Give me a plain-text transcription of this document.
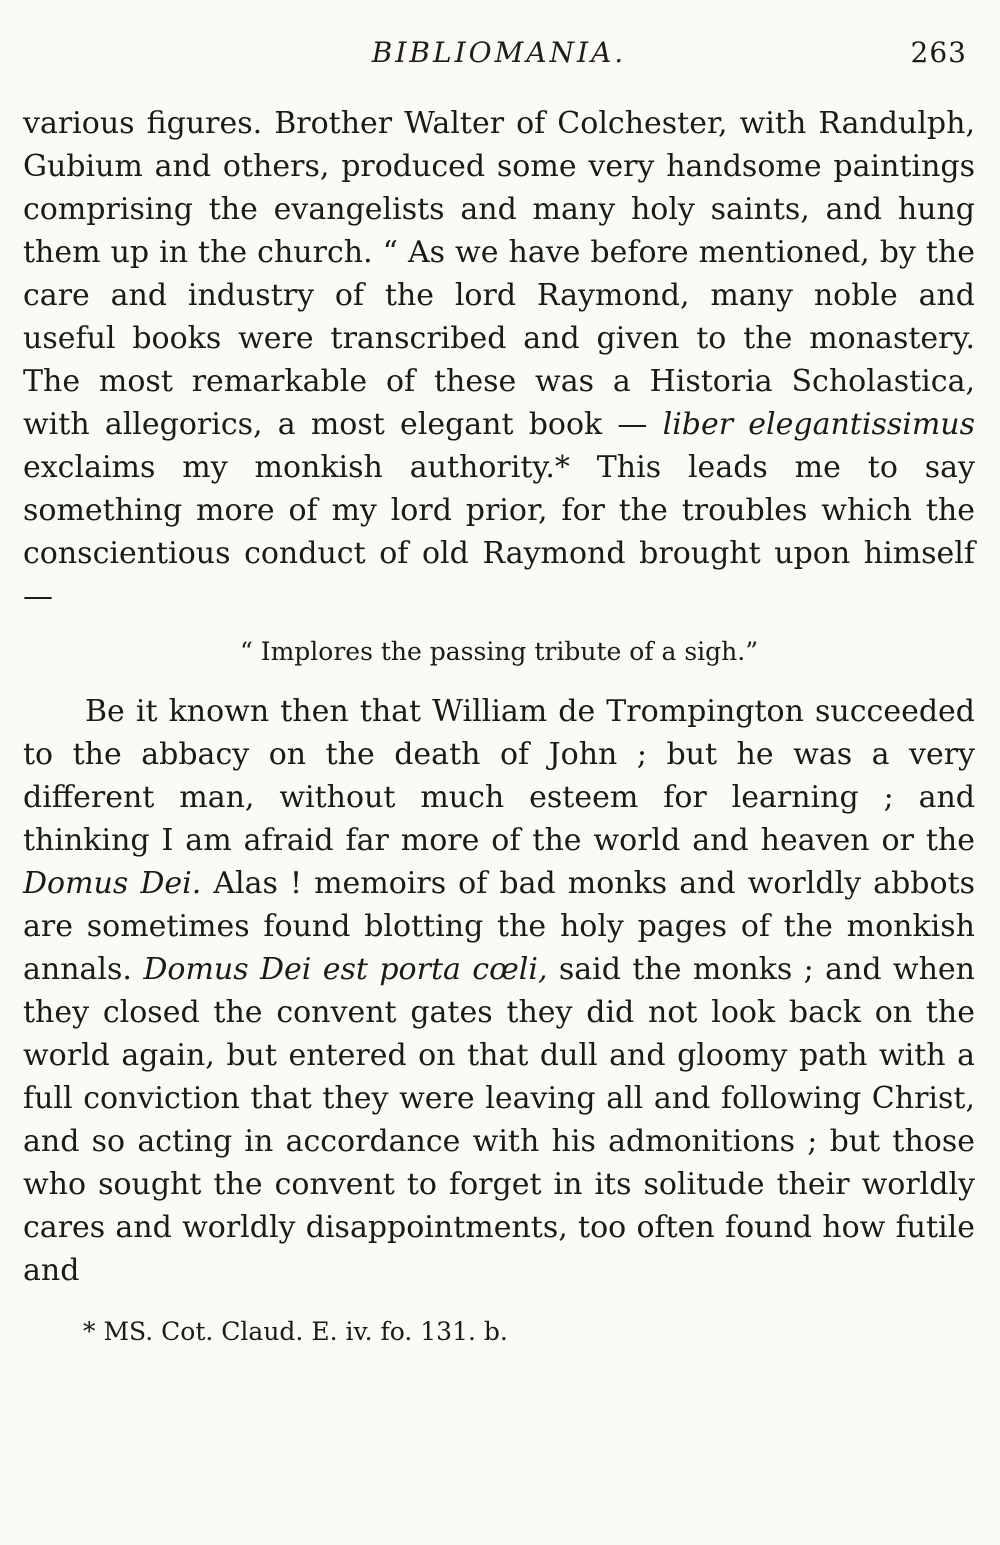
BIBLIOMANIA.	263

various figures. Brother Walter of Colchester, with Randulph, Gubium and others, produced some very handsome paintings comprising the evangelists and many holy saints, and hung them up in the church. “ As we have before mentioned, by the care and industry of the lord Raymond, many noble and useful books were transcribed and given to the monastery. The most remarkable of these was a Historia Scholastica, with allegorics, a most elegant book — liber elegantissimus exclaims my monkish authority.* This leads me to say something more of my lord prior, for the troubles which the conscientious conduct of old Raymond brought upon himself—

“ Implores the passing tribute of a sigh.”

Be it known then that William de Trompington succeeded to the abbacy on the death of John ; but he was a very different man, without much esteem for learning ; and thinking I am afraid far more of the world and heaven or the Domus Dei. Alas ! memoirs of bad monks and worldly abbots are sometimes found blotting the holy pages of the monkish annals. Domus Dei est porta cœli, said the monks ; and when they closed the convent gates they did not look back on the world again, but entered on that dull and gloomy path with a full conviction that they were leaving all and following Christ, and so acting in accordance with his admonitions ; but those who sought the convent to forget in its solitude their worldly cares and worldly disappointments, too often found how futile and

* MS. Cot. Claud. E. iv. fo. 131. b.
